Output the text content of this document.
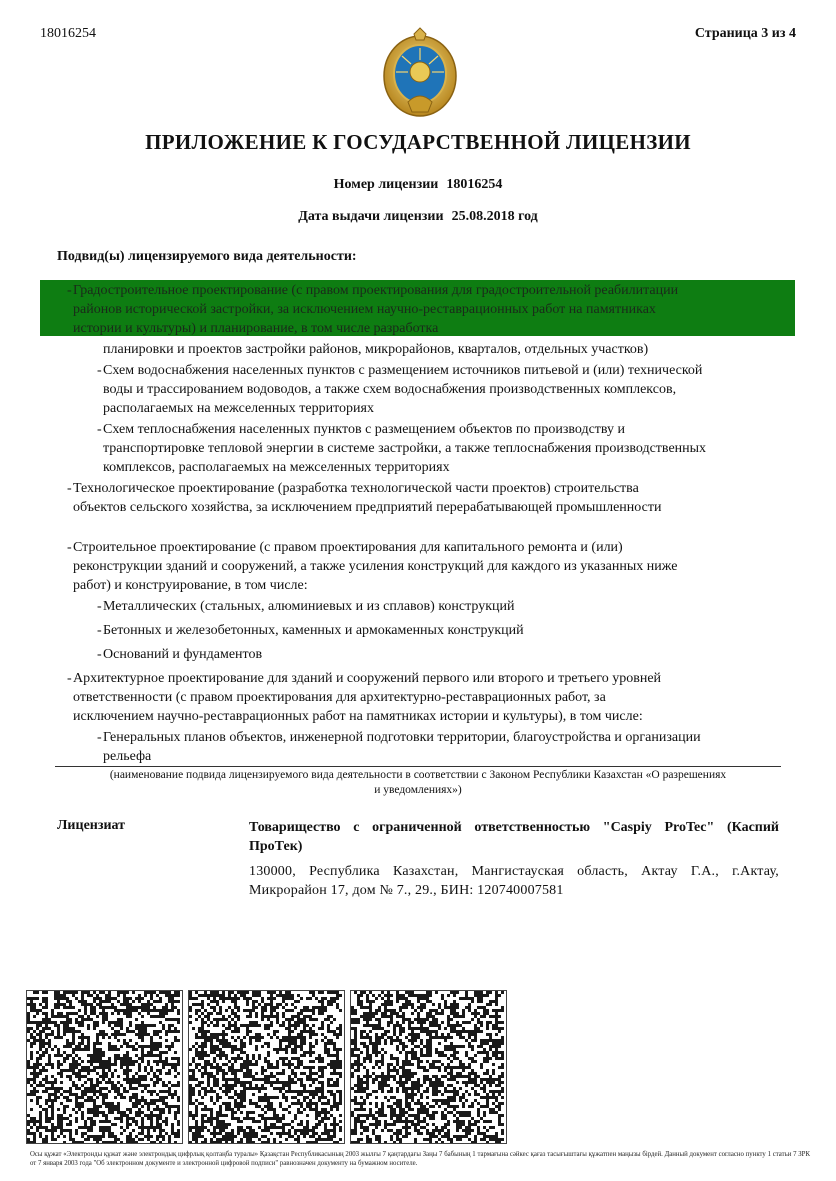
18016254	Страница 3 из 4
ПРИЛОЖЕНИЕ К ГОСУДАРСТВЕННОЙ ЛИЦЕНЗИИ
Номер лицензии 18016254
Дата выдачи лицензии 25.08.2018 год
Подвид(ы) лицензируемого вида деятельности:
- Градостроительное проектирование (с правом проектирования для градостроительной реабилитации
районов исторической застройки, за исключением научно-реставрационных работ на памятниках
истории и культуры) и планирование, в том числе разработка
планировки и проектов застройки районов, микрорайонов, кварталов, отдельных участков)
- Схем водоснабжения населенных пунктов с размещением источников питьевой и (или) технической
воды и трассированием водоводов, а также схем водоснабжения производственных комплексов,
располагаемых на межселенных территориях
- Схем теплоснабжения населенных пунктов с размещением объектов по производству и
транспортировке тепловой энергии в системе застройки, а также теплоснабжения производственных
комплексов, располагаемых на межселенных территориях
- Технологическое проектирование (разработка технологической части проектов) строительства
объектов сельского хозяйства, за исключением предприятий перерабатывающей промышленности
- Строительное проектирование (с правом проектирования для капитального ремонта и (или)
реконструкции зданий и сооружений, а также усиления конструкций для каждого из указанных ниже
работ) и конструирование, в том числе:
- Металлических (стальных, алюминиевых и из сплавов) конструкций
- Бетонных и железобетонных, каменных и армокаменных конструкций
- Оснований и фундаментов
- Архитектурное проектирование для зданий и сооружений первого или второго и третьего уровней
ответственности (с правом проектирования для архитектурно-реставрационных работ, за
исключением научно-реставрационных работ на памятниках истории и культуры), в том числе:
- Генеральных планов объектов, инженерной подготовки территории, благоустройства и организации
рельефа
(наименование подвида лицензируемого вида деятельности в соответствии с Законом Республики Казахстан «О разрешениях
и уведомлениях»)
Лицензиат	Товарищество с ограниченной ответственностью "Caspiy ProTec" (Каспий ПроТек)
130000, Республика Казахстан, Мангистауская область, Актау Г.А., г.Актау, Микрорайон 17, дом № 7., 29., БИН: 120740007581
Осы құжат «Электронды құжат және электрондық цифрлық қолтаңба туралы» Қазақстан Республикасының 2003 жылғы 7 қаңтардағы Заңы 7 бабының 1 тармағына сәйкес қағаз тасығыштағы құжатпен маңызы бірдей. Данный документ согласно пункту 1 статьи 7 ЗРК от 7 января 2003 года "Об электронном документе и электронной цифровой подписи" равнозначен документу на бумажном носителе.
